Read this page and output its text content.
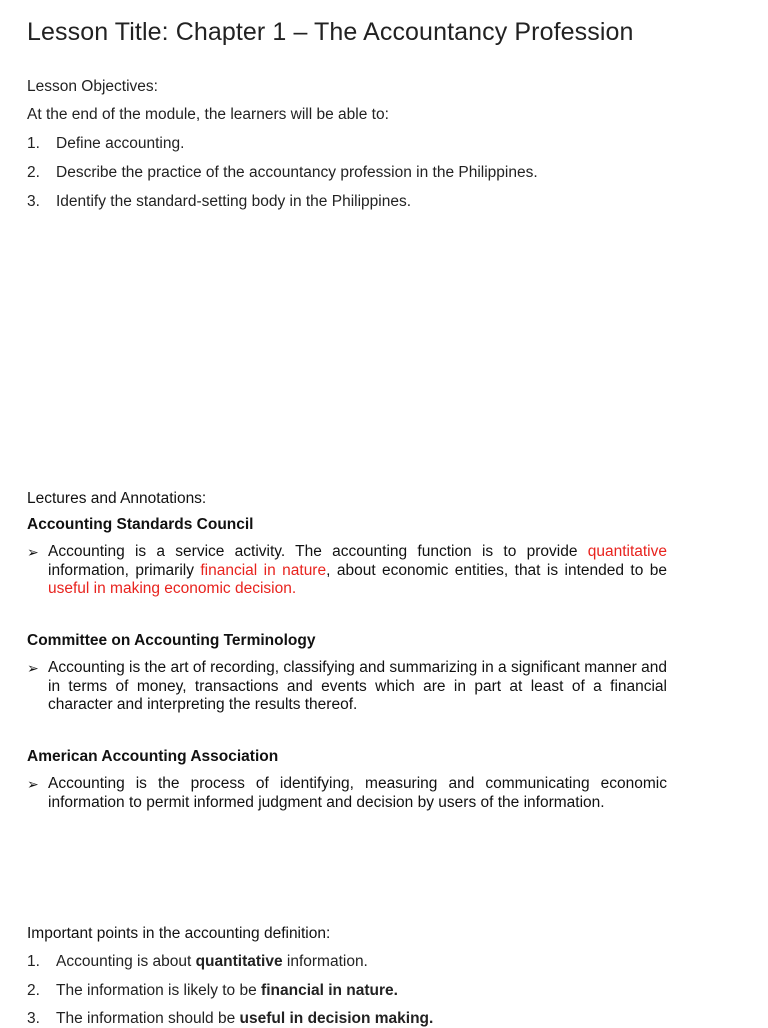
Lesson Title: Chapter 1 – The Accountancy Profession
Lesson Objectives:
At the end of the module, the learners will be able to:
1. Define accounting.
2. Describe the practice of the accountancy profession in the Philippines.
3. Identify the standard-setting body in the Philippines.
Lectures and Annotations:
Accounting Standards Council
➢ Accounting is a service activity. The accounting function is to provide quantitative information, primarily financial in nature, about economic entities, that is intended to be useful in making economic decision.
Committee on Accounting Terminology
➢ Accounting is the art of recording, classifying and summarizing in a significant manner and in terms of money, transactions and events which are in part at least of a financial character and interpreting the results thereof.
American Accounting Association
➢ Accounting is the process of identifying, measuring and communicating economic information to permit informed judgment and decision by users of the information.
Important points in the accounting definition:
1. Accounting is about quantitative information.
2. The information is likely to be financial in nature.
3. The information should be useful in decision making.
